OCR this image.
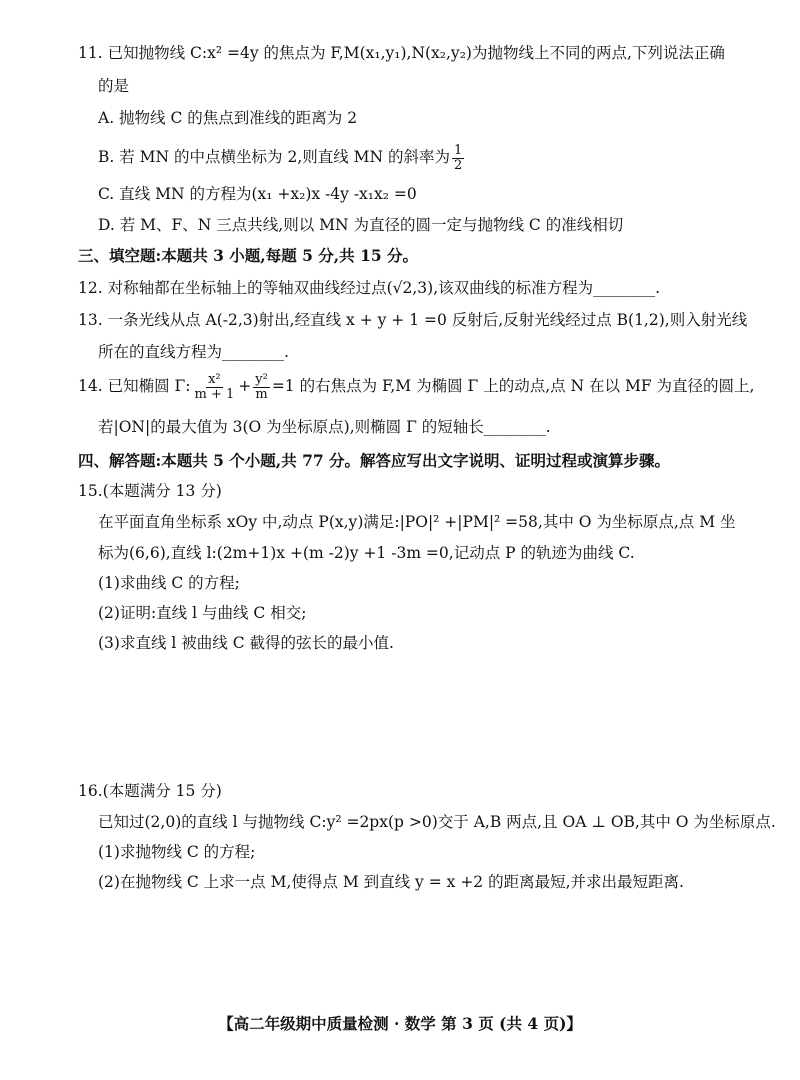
11. 已知抛物线 C:x² =4y 的焦点为 F,M(x₁,y₁),N(x₂,y₂)为抛物线上不同的两点,下列说法正确
的是
A. 抛物线 C 的焦点到准线的距离为 2
B. 若 MN 的中点横坐标为 2,则直线 MN 的斜率为 $\frac{1}{2}$
C. 直线 MN 的方程为(x₁ +x₂)x -4y -x₁x₂ =0
D. 若 M、F、N 三点共线,则以 MN 为直径的圆一定与抛物线 C 的准线相切
三、填空题:本题共 3 小题,每题 5 分,共 15 分。
12. 对称轴都在坐标轴上的等轴双曲线经过点(√2,3),该双曲线的标准方程为________.
13. 一条光线从点 A(-2,3)射出,经直线 x + y + 1 =0 反射后,反射光线经过点 B(1,2),则入射光线
所在的直线方程为________.
14. 已知椭圆 Γ: $\frac{\text{x²}}{m + 1} + \frac{\text{y²}}{m} =1$ 的右焦点为 F,M 为椭圆 Γ 上的动点,点 N 在以 MF 为直径的圆上,
若|ON|的最大值为 3(O 为坐标原点),则椭圆 Γ 的短轴长________.
四、解答题:本题共 5 个小题,共 77 分。解答应写出文字说明、证明过程或演算步骤。
15.(本题满分 13 分)
在平面直角坐标系 xOy 中,动点 P(x,y)满足:|PO|² +|PM|² =58,其中 O 为坐标原点,点 M 坐
标为(6,6),直线 l:(2m+1)x +(m -2)y +1 -3m =0,记动点 P 的轨迹为曲线 C.
(1)求曲线 C 的方程;
(2)证明:直线 l 与曲线 C 相交;
(3)求直线 l 被曲线 C 截得的弦长的最小值.
16.(本题满分 15 分)
已知过(2,0)的直线 l 与抛物线 C:y² =2px(p >0)交于 A,B 两点,且 OA ⊥ OB,其中 O 为坐标原点.
(1)求抛物线 C 的方程;
(2)在抛物线 C 上求一点 M,使得点 M 到直线 y = x +2 的距离最短,并求出最短距离.
【高二年级期中质量检测 · 数学 第 3 页 (共 4 页)】
